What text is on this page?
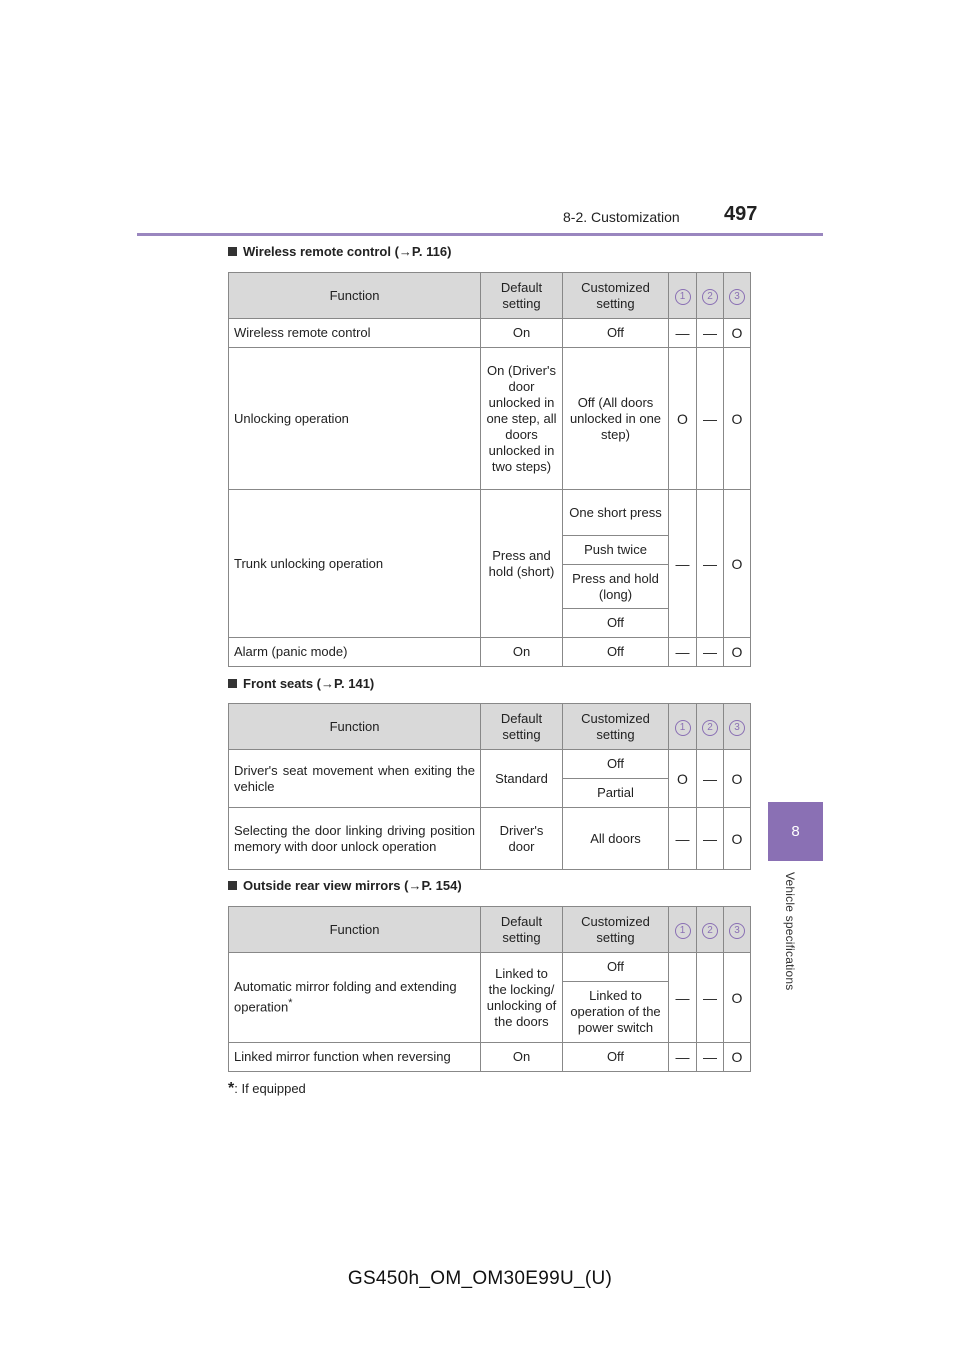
8-2. Customization 497
8
Vehicle specifications
Wireless remote control (→P. 116)
Function	Default setting	Customized setting	1	2	3
Wireless remote control	On	Off	—	—	O
Unlocking operation	On (Driver's door unlocked in one step, all doors unlocked in two steps)	Off (All doors unlocked in one step)	O	—	O
Trunk unlocking operation	Press and hold (short)	One short press	—	—	O
		Push twice			
		Press and hold (long)			
		Off			
Alarm (panic mode)	On	Off	—	—	O
Front seats (→P. 141)
Function	Default setting	Customized setting	1	2	3
Driver's seat movement when exiting the vehicle	Standard	Off	O	—	O
		Partial			
Selecting the door linking driving position memory with door unlock operation	Driver's door	All doors	—	—	O
Outside rear view mirrors (→P. 154)
Function	Default setting	Customized setting	1	2	3
Automatic mirror folding and extending operation*	Linked to the locking/ unlocking of the doors	Off	—	—	O
		Linked to operation of the power switch			
Linked mirror function when reversing	On	Off	—	—	O
*: If equipped
GS450h_OM_OM30E99U_(U)
